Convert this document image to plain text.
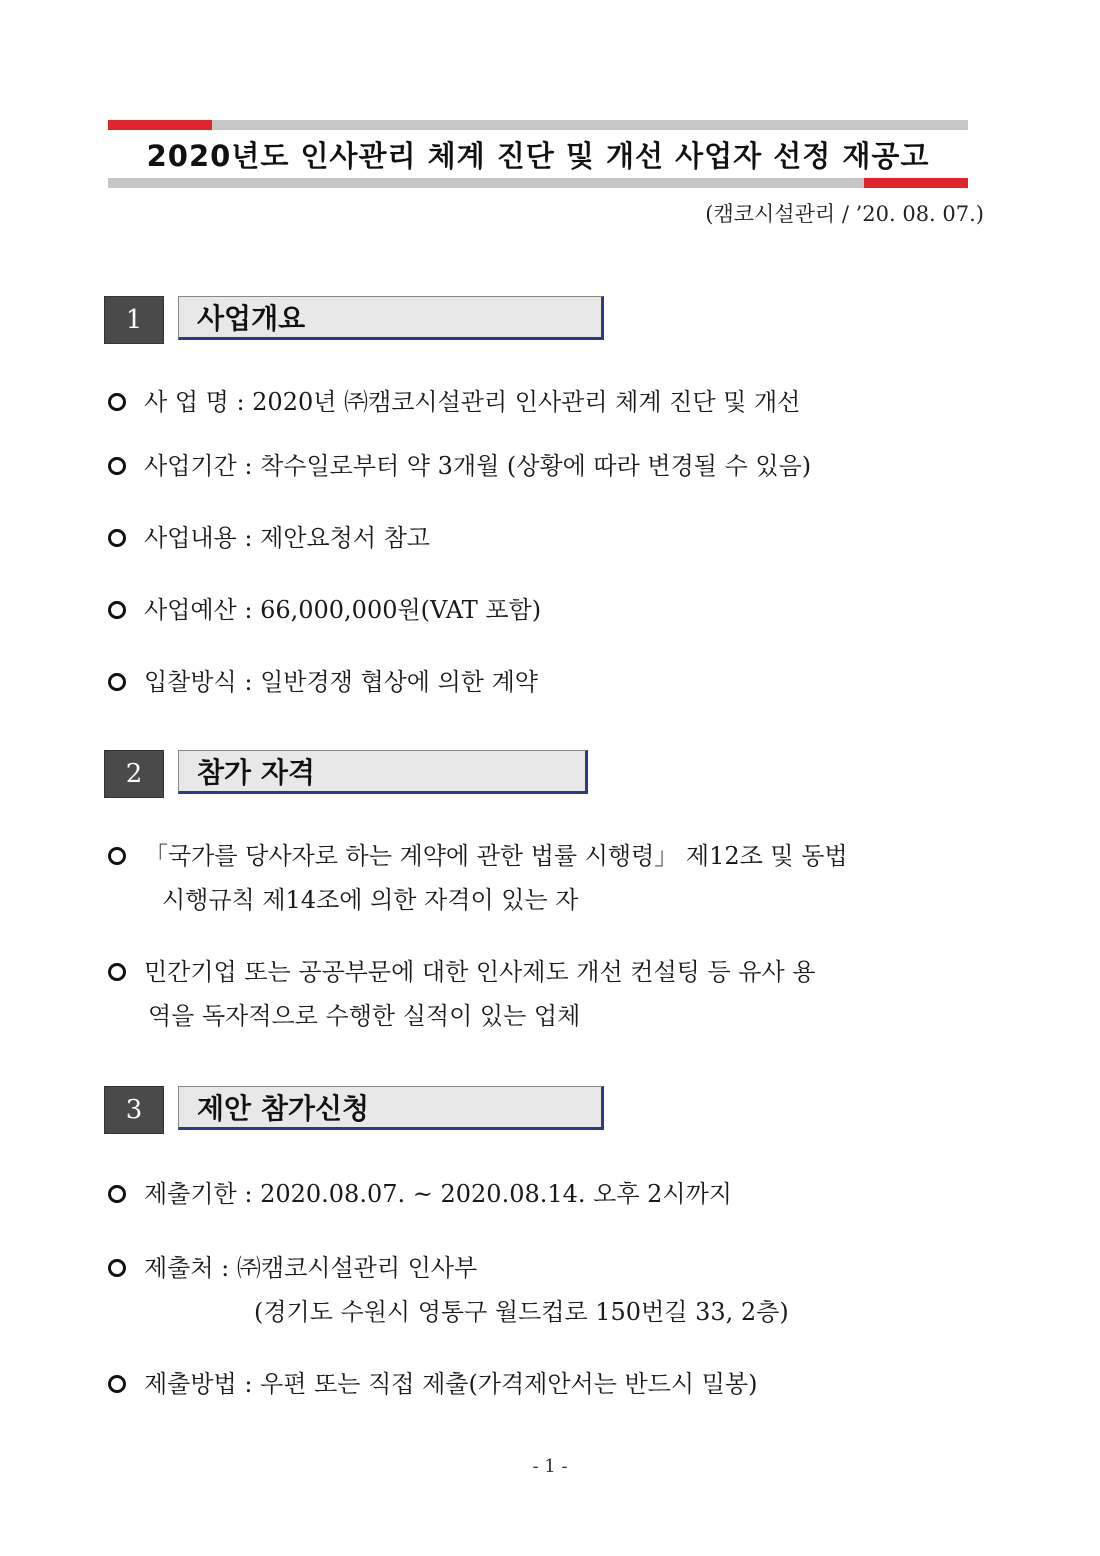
2020년도 인사관리 체계 진단 및 개선 사업자 선정 재공고
(캠코시설관리 / ’20. 08. 07.)
1	사업개요
사 업 명 : 2020년 ㈜캠코시설관리 인사관리 체계 진단 및 개선
사업기간 : 착수일로부터 약 3개월 (상황에 따라 변경될 수 있음)
사업내용 : 제안요청서 참고
사업예산 : 66,000,000원(VAT 포함)
입찰방식 : 일반경쟁 협상에 의한 계약
2	참가 자격
「국가를 당사자로 하는 계약에 관한 법률 시행령」 제12조 및 동법
시행규칙 제14조에 의한 자격이 있는 자
민간기업 또는 공공부문에 대한 인사제도 개선 컨설팅 등 유사 용
역을 독자적으로 수행한 실적이 있는 업체
3	제안 참가신청
제출기한 : 2020.08.07. ~ 2020.08.14. 오후 2시까지
제출처 : ㈜캠코시설관리 인사부
(경기도 수원시 영통구 월드컵로 150번길 33, 2층)
제출방법 : 우편 또는 직접 제출(가격제안서는 반드시 밀봉)
- 1 -
